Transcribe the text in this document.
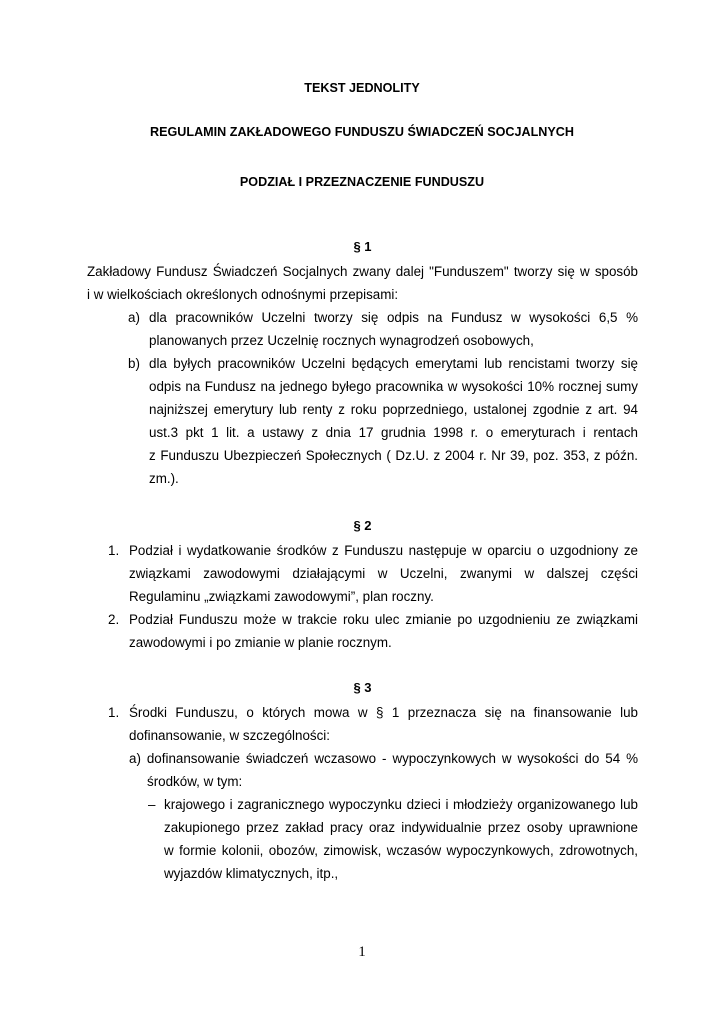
TEKST JEDNOLITY
REGULAMIN ZAKŁADOWEGO FUNDUSZU ŚWIADCZEŃ SOCJALNYCH
PODZIAŁ I PRZEZNACZENIE FUNDUSZU
§ 1
Zakładowy Fundusz Świadczeń Socjalnych zwany dalej "Funduszem" tworzy się w sposób
i w wielkościach określonych odnośnymi przepisami:
a) dla pracowników Uczelni tworzy się odpis na Fundusz w wysokości 6,5 %
planowanych przez Uczelnię rocznych wynagrodzeń osobowych,
b) dla byłych pracowników Uczelni będących emerytami lub rencistami tworzy się
odpis na Fundusz na jednego byłego pracownika w wysokości 10% rocznej sumy
najniższej emerytury lub renty z roku poprzedniego, ustalonej zgodnie z art. 94
ust.3 pkt 1 lit. a ustawy z dnia 17 grudnia 1998 r. o emeryturach i rentach
z Funduszu Ubezpieczeń Społecznych ( Dz.U. z 2004 r. Nr 39, poz. 353, z późn.
zm.).
§ 2
1. Podział i wydatkowanie środków z Funduszu następuje w oparciu o uzgodniony ze
związkami zawodowymi działającymi w Uczelni, zwanymi w dalszej części
Regulaminu „związkami zawodowymi”, plan roczny.
2. Podział Funduszu może w trakcie roku ulec zmianie po uzgodnieniu ze związkami
zawodowymi i po zmianie w planie rocznym.
§ 3
1. Środki Funduszu, o których mowa w § 1 przeznacza się na finansowanie lub
dofinansowanie, w szczególności:
a) dofinansowanie świadczeń wczasowo - wypoczynkowych w wysokości do 54 %
środków, w tym:
– krajowego i zagranicznego wypoczynku dzieci i młodzieży organizowanego lub
zakupionego przez zakład pracy oraz indywidualnie przez osoby uprawnione
w formie kolonii, obozów, zimowisk, wczasów wypoczynkowych, zdrowotnych,
wyjazdów klimatycznych, itp.,
1
